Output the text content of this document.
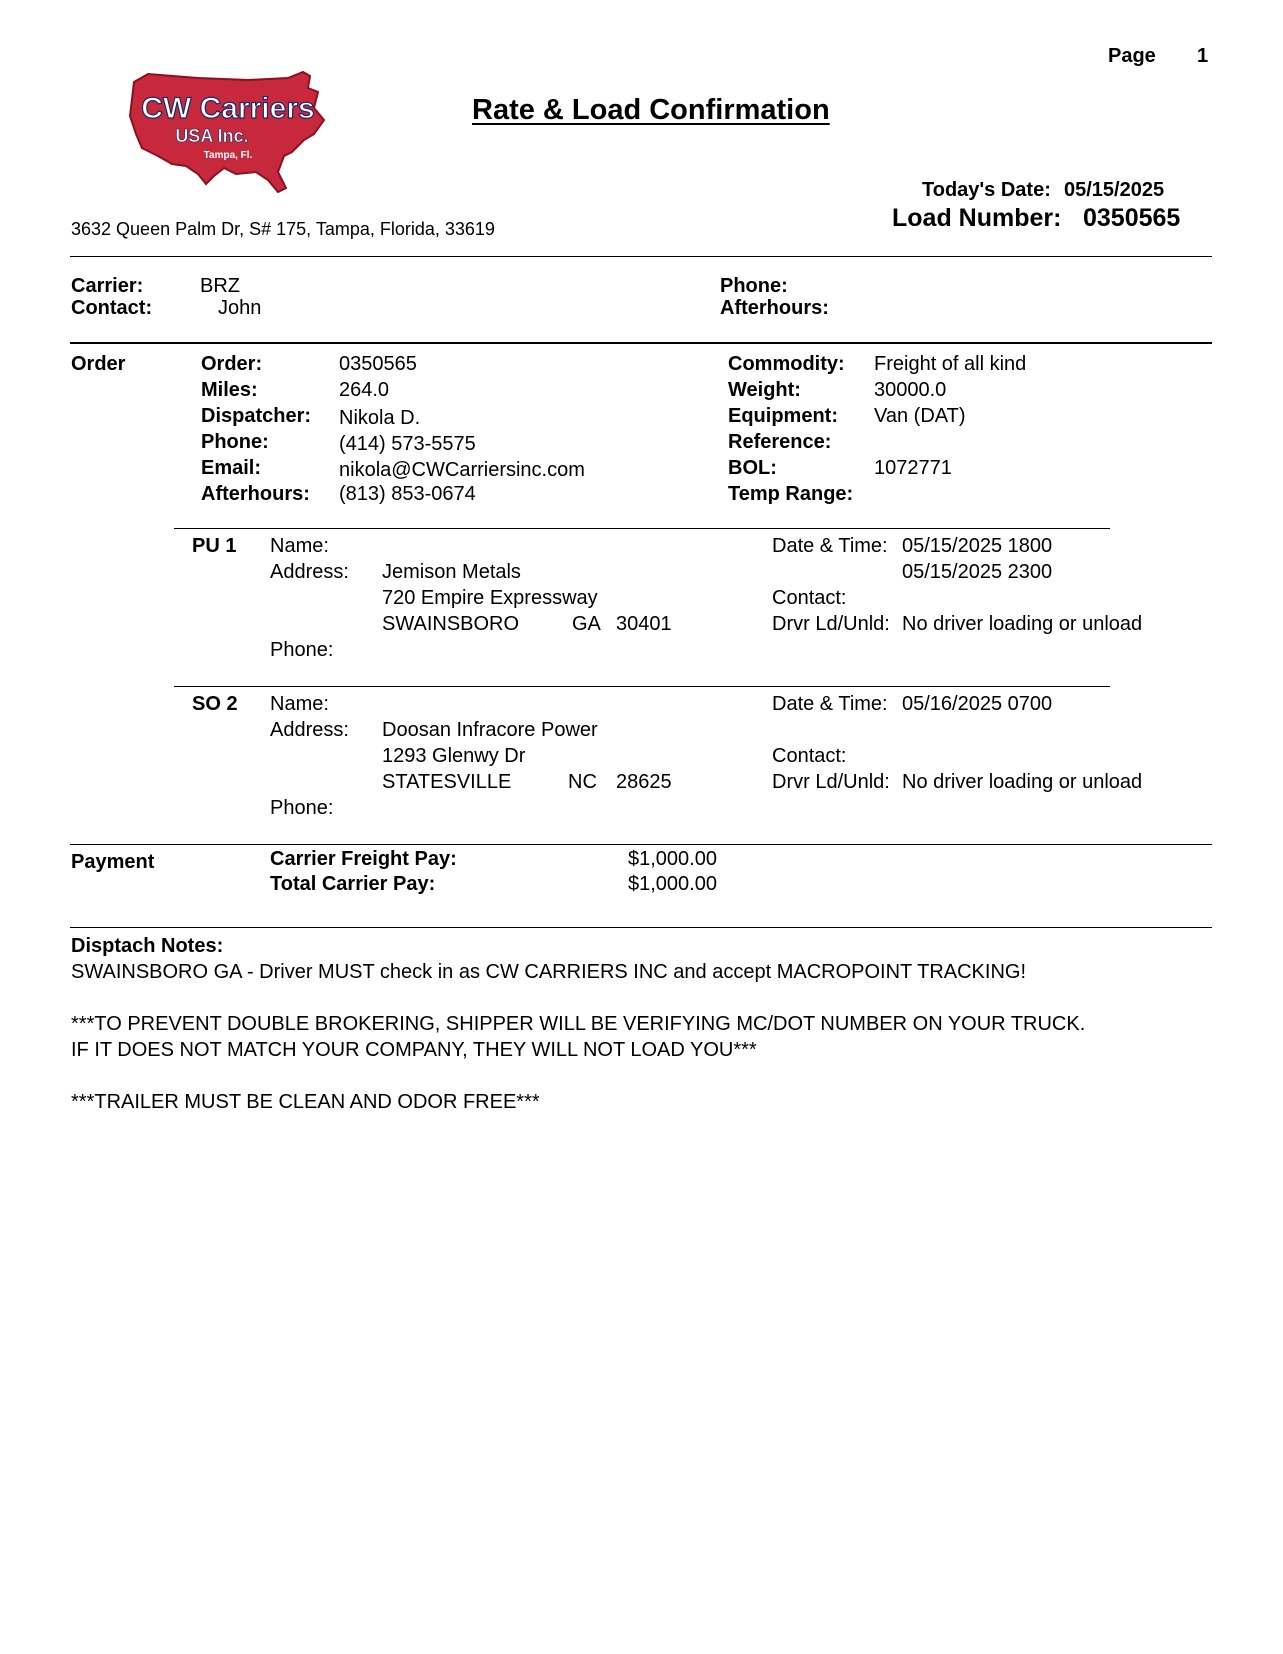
Page 1
CW Carriers
USA Inc.
Tampa, Fl.
Rate & Load Confirmation
Today's Date: 05/15/2025
Load Number: 0350565
3632 Queen Palm Dr, S# 175, Tampa, Florida, 33619
Carrier:	BRZ
Contact:	John
Phone:
Afterhours:
Order	Order:	0350565
Miles:	264.0
Dispatcher: Nikola D.
Phone:	(414) 573-5575
Email:	nikola@CWCarriersinc.com
Afterhours: (813) 853-0674
Commodity: Freight of all kind
Weight:	30000.0
Equipment: Van (DAT)
Reference:
BOL:	1072771
Temp Range:
PU 1 Name:
Address: Jemison Metals
720 Empire Expressway
SWAINSBORO	GA 30401
Phone:
Date & Time: 05/15/2025 1800
05/15/2025 2300
Contact:
Drvr Ld/Unld: No driver loading or unload
SO 2 Name:
Address: Doosan Infracore Power
1293 Glenwy Dr
STATESVILLE	NC 28625
Phone:
Date & Time: 05/16/2025 0700
Contact:
Drvr Ld/Unld: No driver loading or unload
Payment	Carrier Freight Pay:	$1,000.00
Total Carrier Pay:	$1,000.00
Disptach Notes:
SWAINSBORO GA - Driver MUST check in as CW CARRIERS INC and accept MACROPOINT TRACKING!
***TO PREVENT DOUBLE BROKERING, SHIPPER WILL BE VERIFYING MC/DOT NUMBER ON YOUR TRUCK.
IF IT DOES NOT MATCH YOUR COMPANY, THEY WILL NOT LOAD YOU***
***TRAILER MUST BE CLEAN AND ODOR FREE***
